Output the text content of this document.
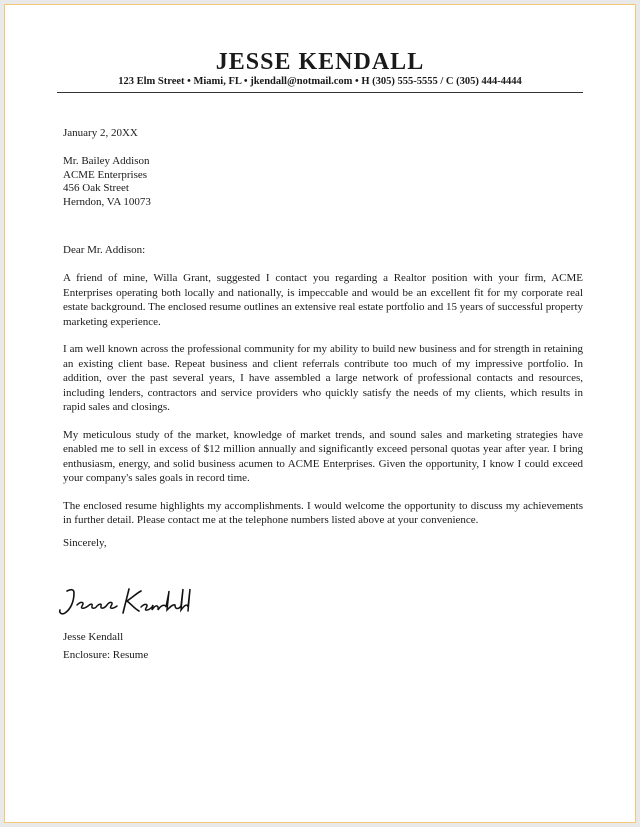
JESSE KENDALL
123 Elm Street • Miami, FL • jkendall@notmail.com • H (305) 555-5555 / C (305) 444-4444
January 2, 20XX
Mr. Bailey Addison
ACME Enterprises
456 Oak Street
Herndon, VA 10073
Dear Mr. Addison:

A friend of mine, Willa Grant, suggested I contact you regarding a Realtor position with your firm, ACME Enterprises operating both locally and nationally, is impeccable and would be an excellent fit for my corporate real estate background. The enclosed resume outlines an extensive real estate portfolio and 15 years of successful property marketing experience.

I am well known across the professional community for my ability to build new business and for strength in retaining an existing client base. Repeat business and client referrals contribute too much of my impressive portfolio. In addition, over the past several years, I have assembled a large network of professional contacts and resources, including lenders, contractors and service providers who quickly satisfy the needs of my clients, which results in rapid sales and closings.

My meticulous study of the market, knowledge of market trends, and sound sales and marketing strategies have enabled me to sell in excess of $12 million annually and significantly exceed personal quotas year after year. I bring enthusiasm, energy, and solid business acumen to ACME Enterprises. Given the opportunity, I know I could exceed your company's sales goals in record time.

The enclosed resume highlights my accomplishments. I would welcome the opportunity to discuss my achievements in further detail. Please contact me at the telephone numbers listed above at your convenience.

Sincerely,
Jesse Kendall
Enclosure: Resume
